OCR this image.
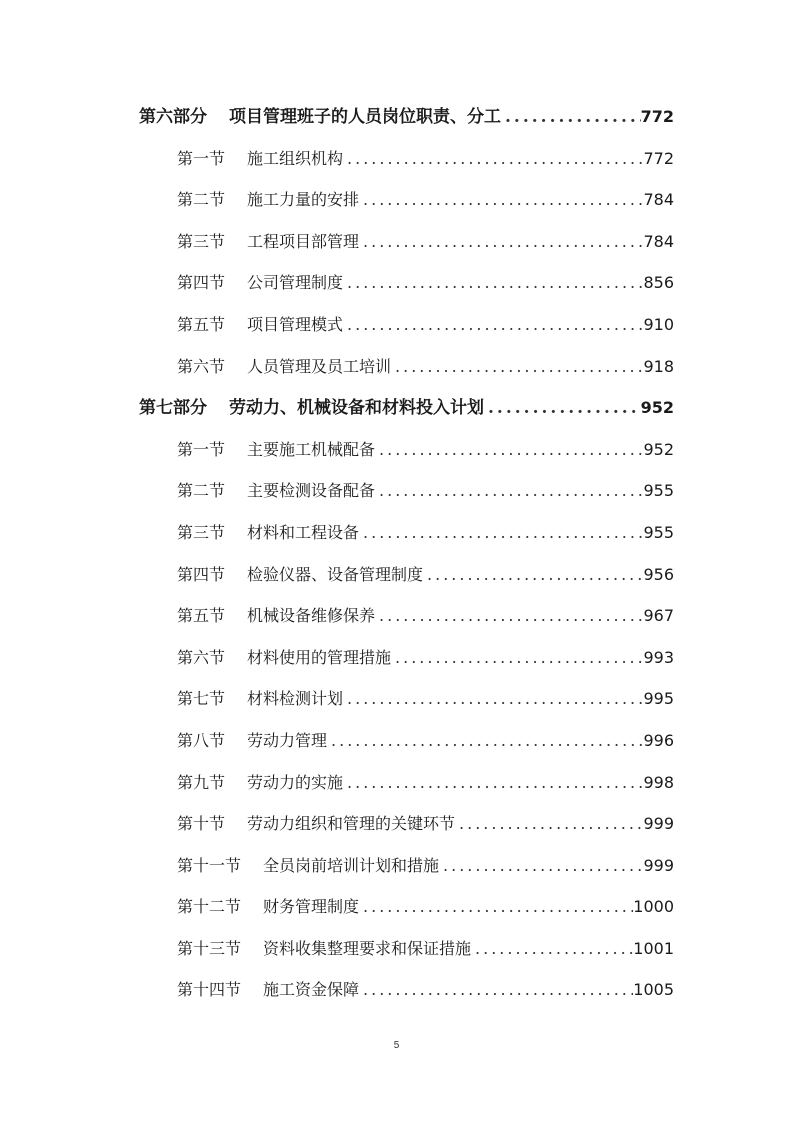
第六部分 项目管理班子的人员岗位职责、分工 .....	772
第一节 施工组织机构 .....	772
第二节 施工力量的安排 .....	784
第三节 工程项目部管理 .....	784
第四节 公司管理制度 .....	856
第五节 项目管理模式 .....	910
第六节 人员管理及员工培训 .....	918
第七部分 劳动力、机械设备和材料投入计划 .....	952
第一节 主要施工机械配备 .....	952
第二节 主要检测设备配备 .....	955
第三节 材料和工程设备 .....	955
第四节 检验仪器、设备管理制度 .....	956
第五节 机械设备维修保养 .....	967
第六节 材料使用的管理措施 .....	993
第七节 材料检测计划 .....	995
第八节 劳动力管理 .....	996
第九节 劳动力的实施 .....	998
第十节 劳动力组织和管理的关键环节 .....	999
第十一节 全员岗前培训计划和措施 .....	999
第十二节 财务管理制度 .....	1000
第十三节 资料收集整理要求和保证措施 .....	1001
第十四节 施工资金保障 .....	1005
5
